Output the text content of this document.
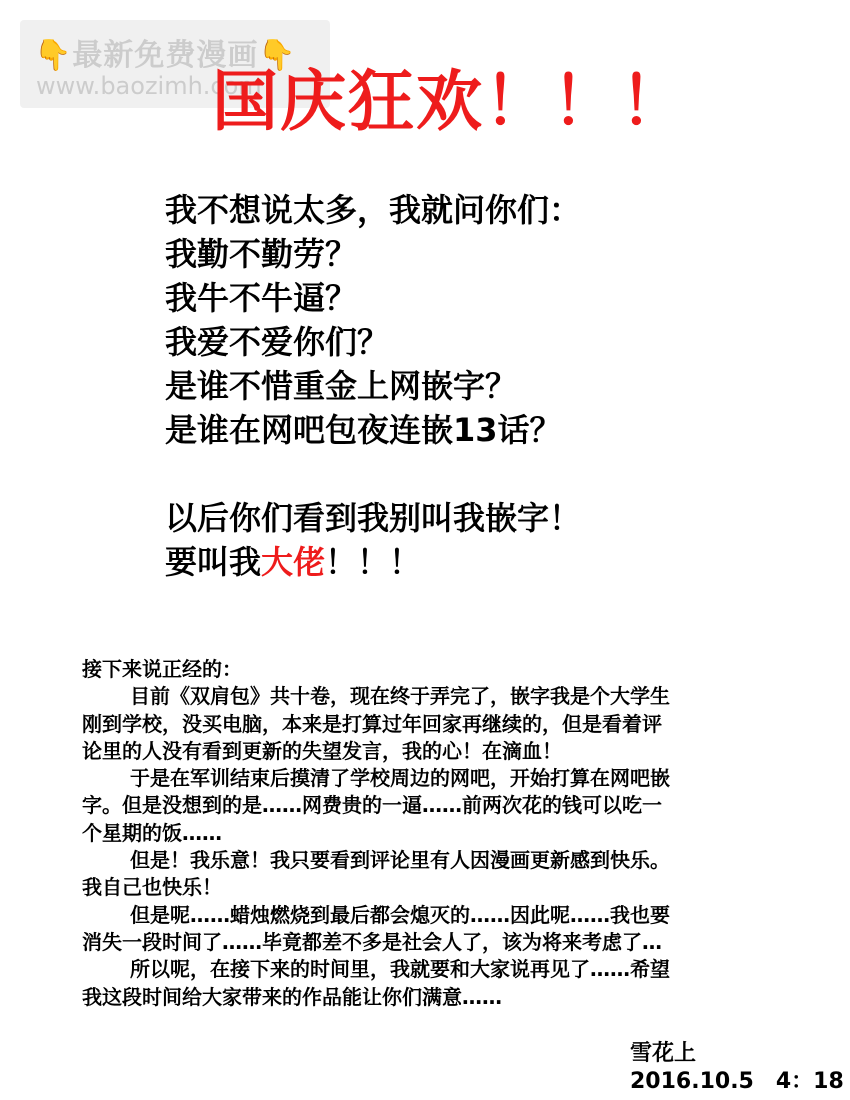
👇最新免费漫画👇
www.baozimh.com
国庆狂欢！！！
我不想说太多，我就问你们：
我勤不勤劳？
我牛不牛逼？
我爱不爱你们？
是谁不惜重金上网嵌字？
是谁在网吧包夜连嵌13话？
以后你们看到我别叫我嵌字！
要叫我大佬！！！
接下来说正经的：
目前《双肩包》共十卷，现在终于弄完了，嵌字我是个大学生
刚到学校，没买电脑，本来是打算过年回家再继续的，但是看着评
论里的人没有看到更新的失望发言，我的心！在滴血！
于是在军训结束后摸清了学校周边的网吧，开始打算在网吧嵌
字。但是没想到的是……网费贵的一逼……前两次花的钱可以吃一
个星期的饭……
但是！我乐意！我只要看到评论里有人因漫画更新感到快乐。
我自己也快乐！
但是呢……蜡烛燃烧到最后都会熄灭的……因此呢……我也要
消失一段时间了……毕竟都差不多是社会人了，该为将来考虑了…
所以呢，在接下来的时间里，我就要和大家说再见了……希望
我这段时间给大家带来的作品能让你们满意……
雪花上
2016.10.5　4：18
